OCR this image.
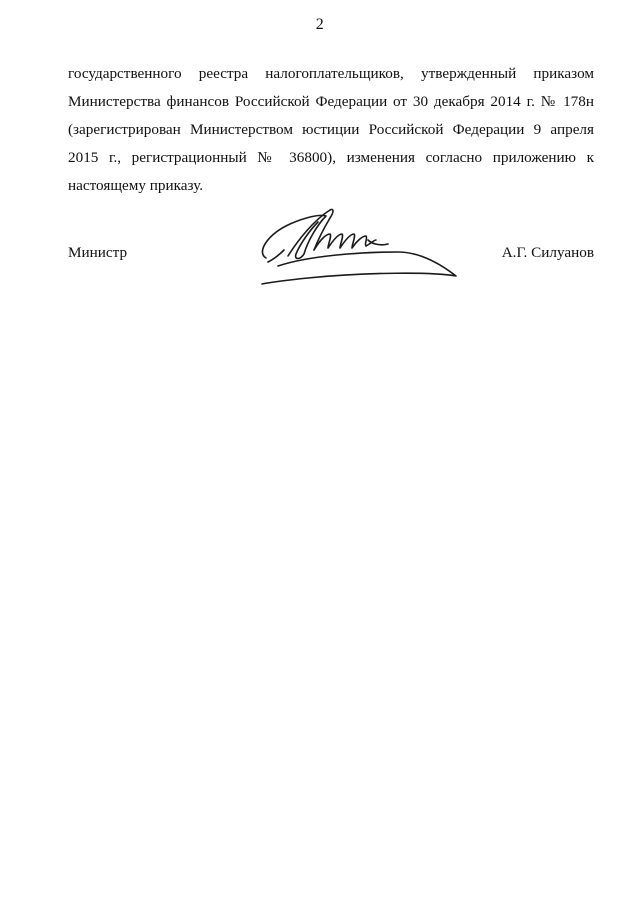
2

государственного реестра налогоплательщиков, утвержденный приказом
Министерства финансов Российской Федерации от 30 декабря 2014 г. № 178н
(зарегистрирован Министерством юстиции Российской Федерации 9 апреля
2015 г., регистрационный № 36800), изменения согласно приложению к
настоящему приказу.

Министр	А.Г. Силуанов
